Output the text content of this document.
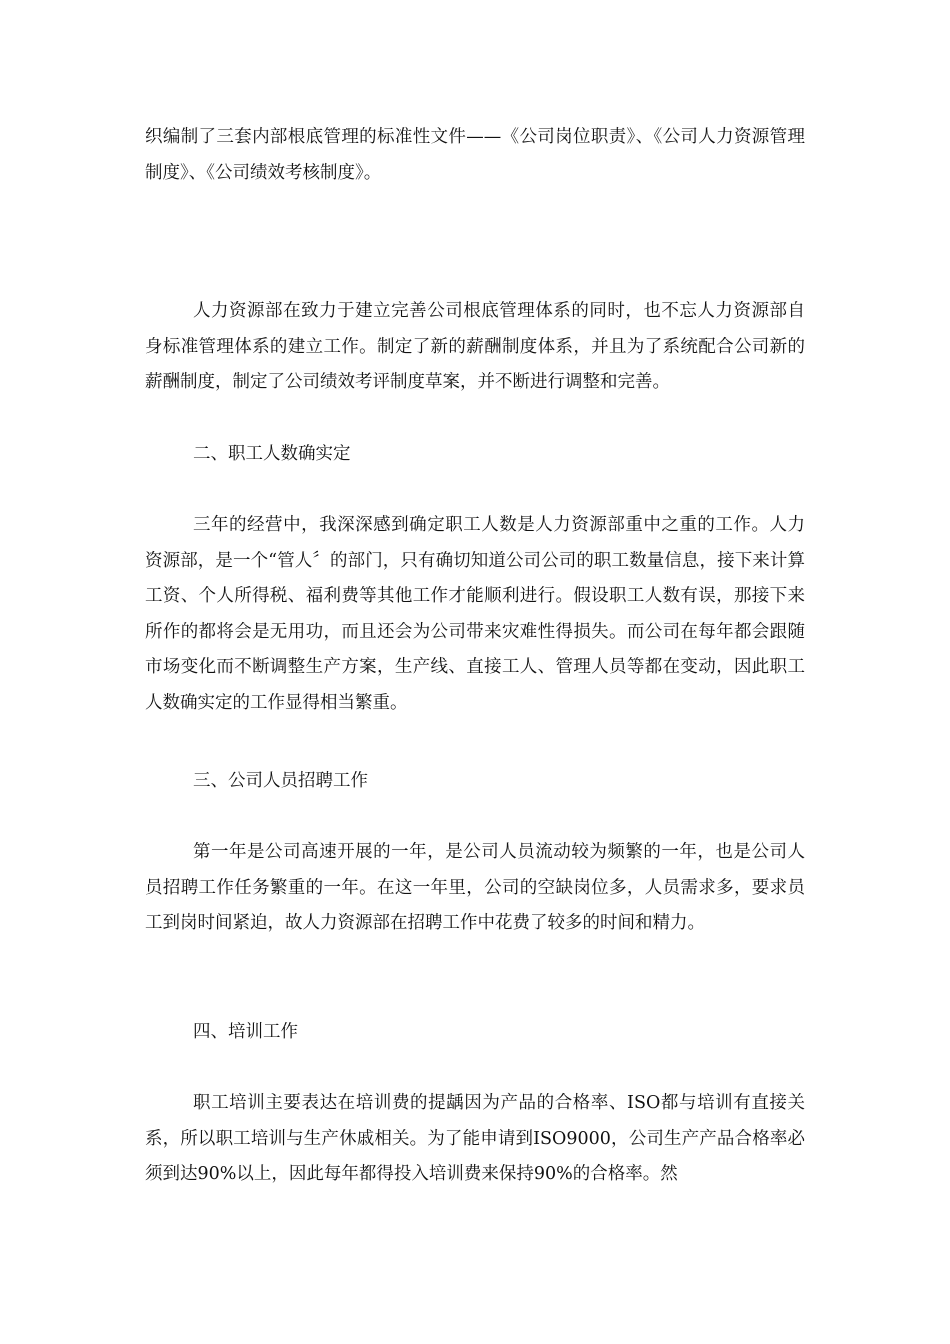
织编制了三套内部根底管理的标准性文件——《公司岗位职责》、《公司人力资源管理制度》、《公司绩效考核制度》。

人力资源部在致力于建立完善公司根底管理体系的同时，也不忘人力资源部自身标准管理体系的建立工作。制定了新的薪酬制度体系，并且为了系统配合公司新的薪酬制度，制定了公司绩效考评制度草案，并不断进行调整和完善。

二、职工人数确实定

三年的经营中，我深深感到确定职工人数是人力资源部重中之重的工作。人力资源部，是一个“管人〞的部门，只有确切知道公司公司的职工数量信息，接下来计算工资、个人所得税、福利费等其他工作才能顺利进行。假设职工人数有误，那接下来所作的都将会是无用功，而且还会为公司带来灾难性得损失。而公司在每年都会跟随市场变化而不断调整生产方案，生产线、直接工人、管理人员等都在变动，因此职工人数确实定的工作显得相当繁重。

三、公司人员招聘工作

第一年是公司高速开展的一年，是公司人员流动较为频繁的一年，也是公司人员招聘工作任务繁重的一年。在这一年里，公司的空缺岗位多，人员需求多，要求员工到岗时间紧迫，故人力资源部在招聘工作中花费了较多的时间和精力。

四、培训工作

职工培训主要表达在培训费的提龋因为产品的合格率、ISO都与培训有直接关系，所以职工培训与生产休戚相关。为了能申请到ISO9000，公司生产产品合格率必须到达90%以上，因此每年都得投入培训费来保持90%的合格率。然
